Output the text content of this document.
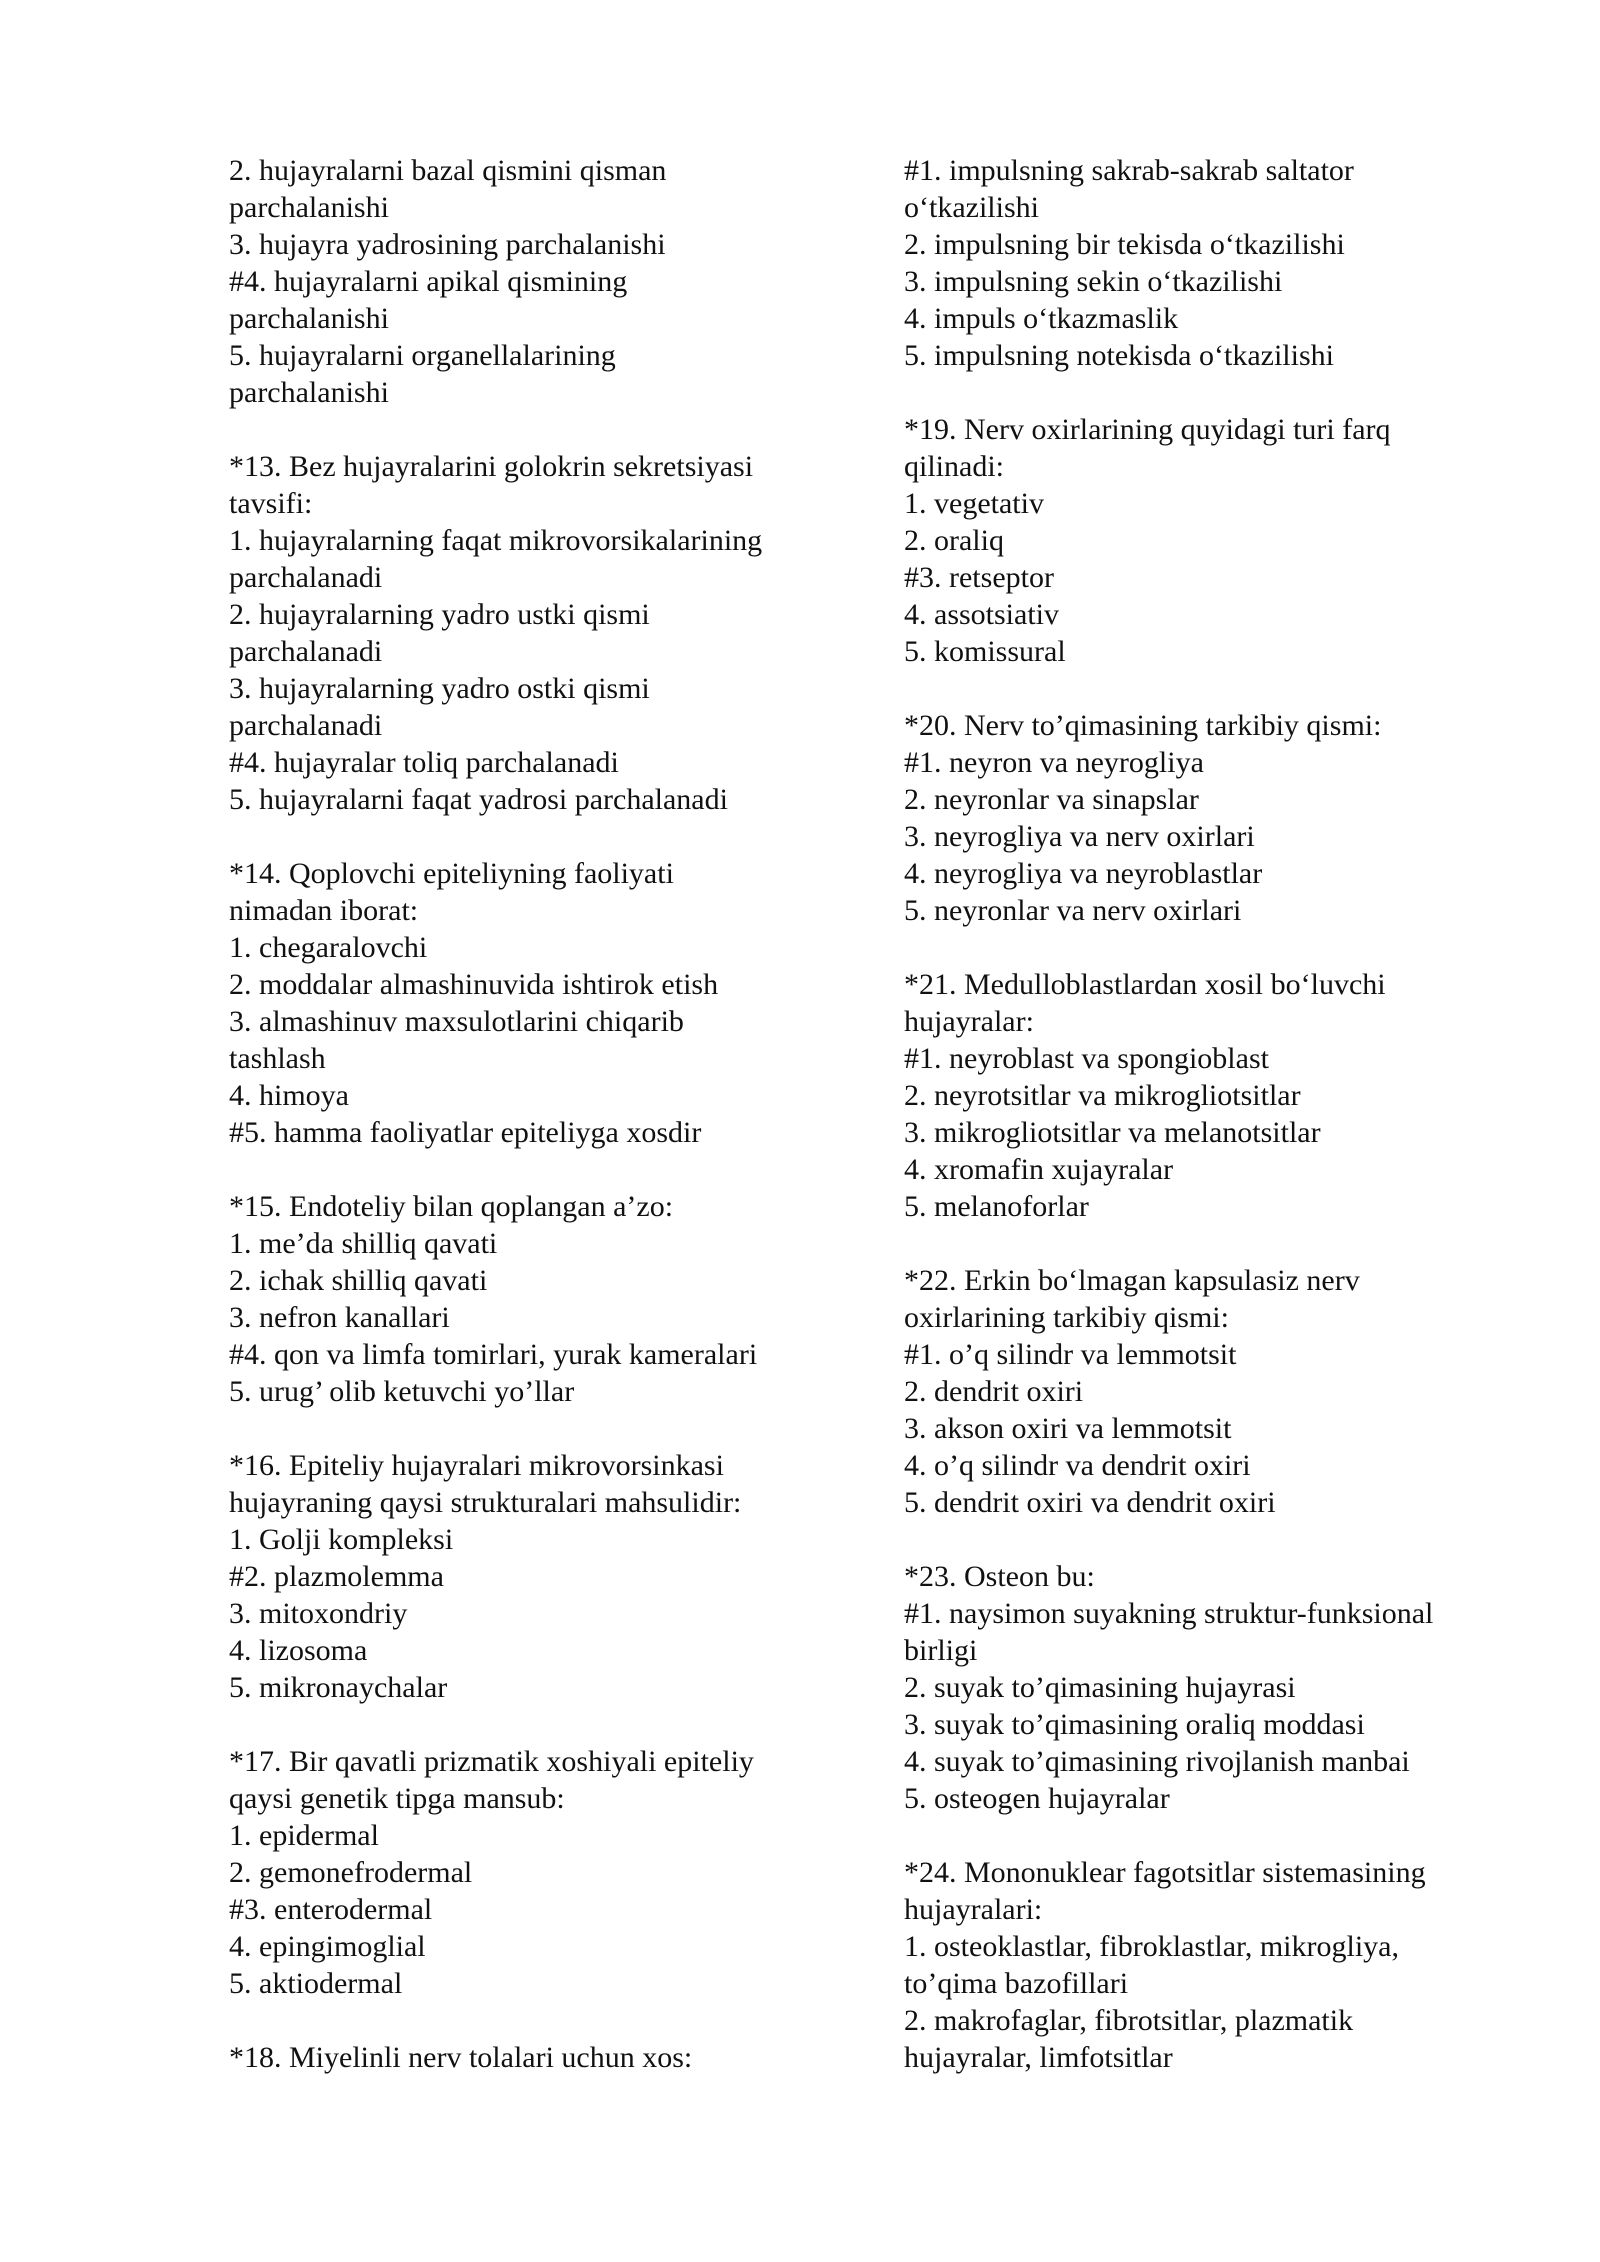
2. hujayralarni bazal qismini qisman
parchalanishi
3. hujayra yadrosining parchalanishi
#4. hujayralarni apikal qismining
parchalanishi
5. hujayralarni organellalarining
parchalanishi
*13. Bez hujayralarini golokrin sekretsiyasi
tavsifi:
1. hujayralarning faqat mikrovorsikalarining
parchalanadi
2. hujayralarning yadro ustki qismi
parchalanadi
3. hujayralarning yadro ostki qismi
parchalanadi
#4. hujayralar toliq parchalanadi
5. hujayralarni faqat yadrosi parchalanadi
*14. Qoplovchi epiteliyning faoliyati
nimadan iborat:
1. chegaralovchi
2. moddalar almashinuvida ishtirok etish
3. almashinuv maxsulotlarini chiqarib
tashlash
4. himoya
#5. hamma faoliyatlar epiteliyga xosdir
*15. Endoteliy bilan qoplangan a’zo:
1. me’da shilliq qavati
2. ichak shilliq qavati
3. nefron kanallari
#4. qon va limfa tomirlari, yurak kameralari
5. urug’ olib ketuvchi yo’llar
*16. Epiteliy hujayralari mikrovorsinkasi
hujayraning qaysi strukturalari mahsulidir:
1. Golji kompleksi
#2. plazmolemma
3. mitoxondriy
4. lizosoma
5. mikronaychalar
*17. Bir qavatli prizmatik xoshiyali epiteliy
qaysi genetik tipga mansub:
1. epidermal
2. gemonefrodermal
#3. enterodermal
4. epingimoglial
5. aktiodermal
*18. Miyelinli nerv tolalari uchun xos:
#1. impulsning sakrab-sakrab saltator
o‘tkazilishi
2. impulsning bir tekisda o‘tkazilishi
3. impulsning sekin o‘tkazilishi
4. impuls o‘tkazmaslik
5. impulsning notekisda o‘tkazilishi
*19. Nerv oxirlarining quyidagi turi farq
qilinadi:
1. vegetativ
2. oraliq
#3. retseptor
4. assotsiativ
5. komissural
*20. Nerv to’qimasining tarkibiy qismi:
#1. neyron va neyrogliya
2. neyronlar va sinapslar
3. neyrogliya va nerv oxirlari
4. neyrogliya va neyroblastlar
5. neyronlar va nerv oxirlari
*21. Medulloblastlardan xosil bo‘luvchi
hujayralar:
#1. neyroblast va spongioblast
2. neyrotsitlar va mikrogliotsitlar
3. mikrogliotsitlar va melanotsitlar
4. xromafin xujayralar
5. melanoforlar
*22. Erkin bo‘lmagan kapsulasiz nerv
oxirlarining tarkibiy qismi:
#1. o’q silindr va lemmotsit
2. dendrit oxiri
3. akson oxiri va lemmotsit
4. o’q silindr va dendrit oxiri
5. dendrit oxiri va dendrit oxiri
*23. Osteon bu:
#1. naysimon suyakning struktur-funksional
birligi
2. suyak to’qimasining hujayrasi
3. suyak to’qimasining oraliq moddasi
4. suyak to’qimasining rivojlanish manbai
5. osteogen hujayralar
*24. Mononuklear fagotsitlar sistemasining
hujayralari:
1. osteoklastlar, fibroklastlar, mikrogliya,
to’qima bazofillari
2. makrofaglar, fibrotsitlar, plazmatik
hujayralar, limfotsitlar
